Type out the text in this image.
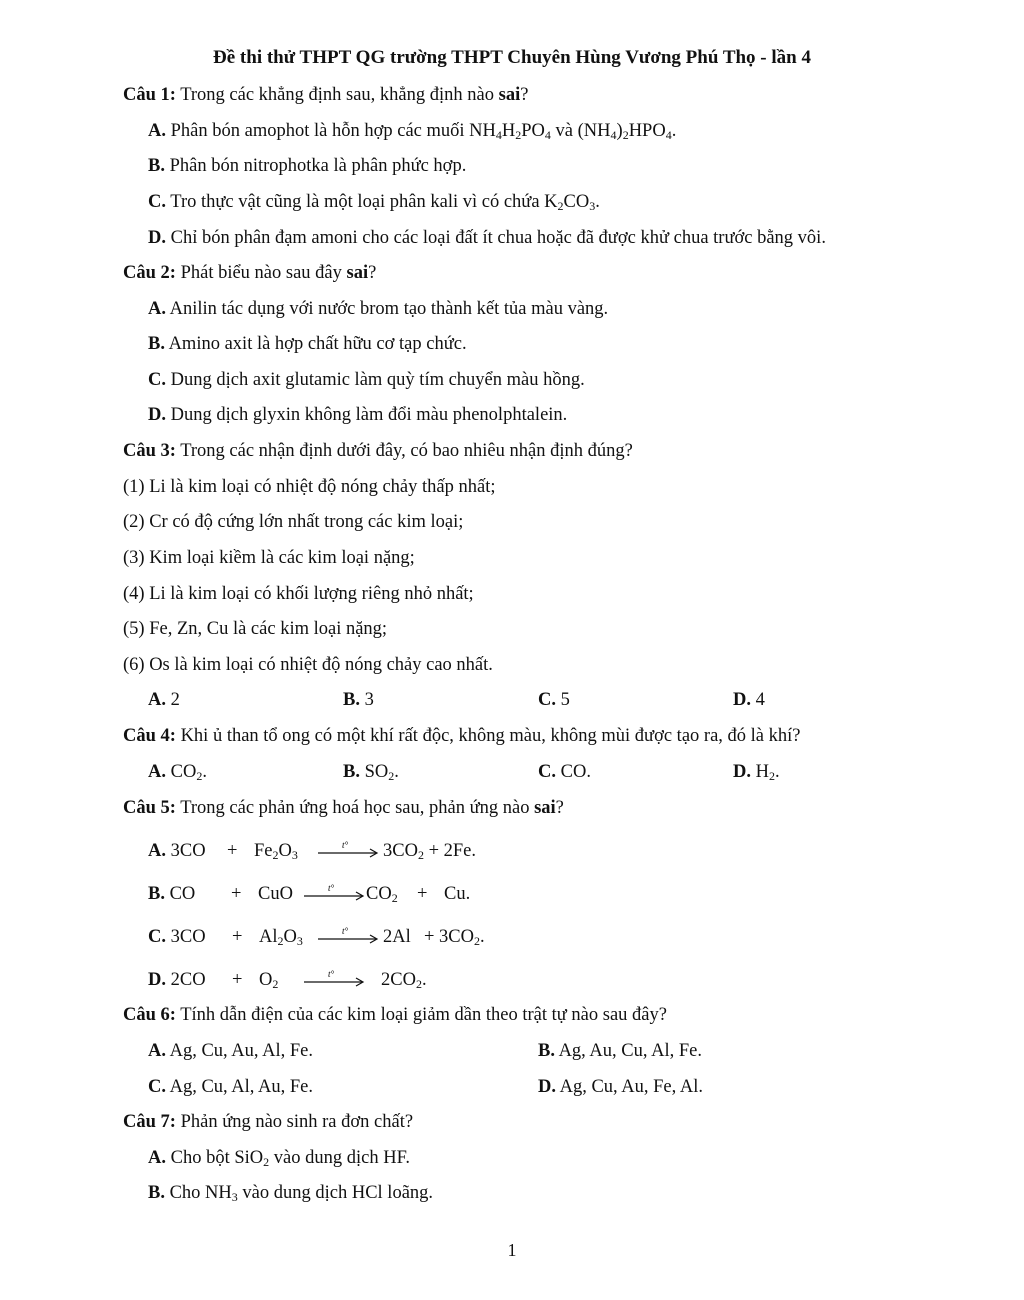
Đề thi thử THPT QG trường THPT Chuyên Hùng Vương Phú Thọ - lần 4
Câu 1: Trong các khẳng định sau, khẳng định nào sai?
A. Phân bón amophot là hỗn hợp các muối $NH_4H_2PO_4$ và $(NH_4)_2HPO_4$.
B. Phân bón nitrophotka là phân phức hợp.
C. Tro thực vật cũng là một loại phân kali vì có chứa $K_2CO_3$.
D. Chỉ bón phân đạm amoni cho các loại đất ít chua hoặc đã được khử chua trước bằng vôi.
Câu 2: Phát biểu nào sau đây sai?
A. Anilin tác dụng với nước brom tạo thành kết tủa màu vàng.
B. Amino axit là hợp chất hữu cơ tạp chức.
C. Dung dịch axit glutamic làm quỳ tím chuyển màu hồng.
D. Dung dịch glyxin không làm đổi màu phenolphtalein.
Câu 3: Trong các nhận định dưới đây, có bao nhiêu nhận định đúng?
(1) Li là kim loại có nhiệt độ nóng chảy thấp nhất;
(2) Cr có độ cứng lớn nhất trong các kim loại;
(3) Kim loại kiềm là các kim loại nặng;
(4) Li là kim loại có khối lượng riêng nhỏ nhất;
(5) Fe, Zn, Cu là các kim loại nặng;
(6) Os là kim loại có nhiệt độ nóng chảy cao nhất.
A. 2	B. 3	C. 5	D. 4
Câu 4: Khi ủ than tổ ong có một khí rất độc, không màu, không mùi được tạo ra, đó là khí?
A. $CO_2$.	B. $SO_2$.	C. CO.	D. $H_2$.
Câu 5: Trong các phản ứng hoá học sau, phản ứng nào sai?
A. $3CO + Fe_2O_3$
t° $3CO_2 + 2Fe$.
B. CO + CuO	t° $CO_2 + Cu$.
C. $3CO + Al_2O_3$
t° $2Al + 3CO_2$.
D. $2CO + O_2$
t°	$2CO_2$.
Câu 6: Tính dẫn điện của các kim loại giảm dần theo trật tự nào sau đây?
A. Ag, Cu, Au, Al, Fe.	B. Ag, Au, Cu, Al, Fe.
C. Ag, Cu, Al, Au, Fe.	D. Ag, Cu, Au, Fe, Al.
Câu 7: Phản ứng nào sinh ra đơn chất?
A. Cho bột SiO$_2$ vào dung dịch HF.
B. Cho $NH_3$ vào dung dịch HCl loãng.
1
